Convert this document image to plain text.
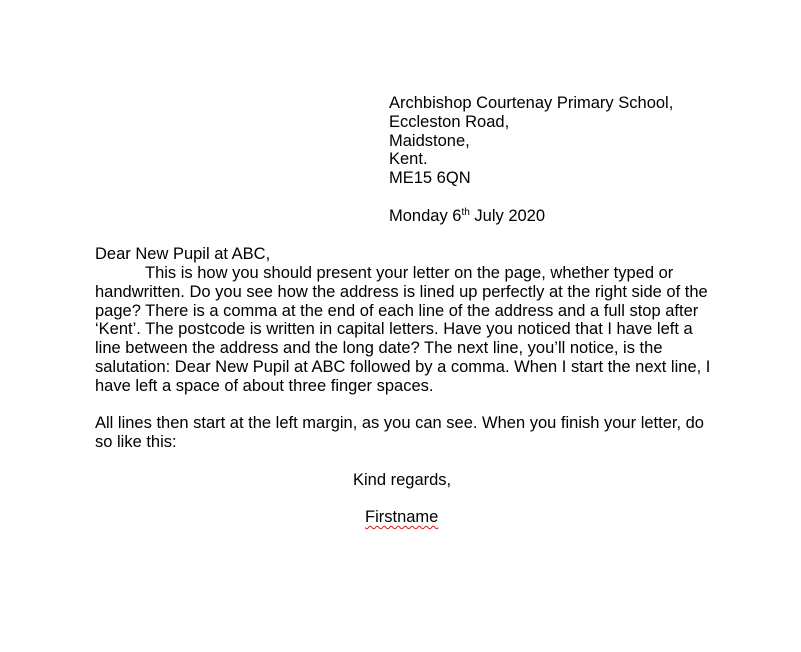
Archbishop Courtenay Primary School,
Eccleston Road,
Maidstone,
Kent.
ME15 6QN
Monday 6th July 2020
Dear New Pupil at ABC,
This is how you should present your letter on the page, whether typed or
handwritten. Do you see how the address is lined up perfectly at the right side of the
page? There is a comma at the end of each line of the address and a full stop after
‘Kent’. The postcode is written in capital letters. Have you noticed that I have left a
line between the address and the long date? The next line, you’ll notice, is the
salutation: Dear New Pupil at ABC followed by a comma. When I start the next line, I
have left a space of about three finger spaces.
All lines then start at the left margin, as you can see. When you finish your letter, do
so like this:
Kind regards,
Firstname
